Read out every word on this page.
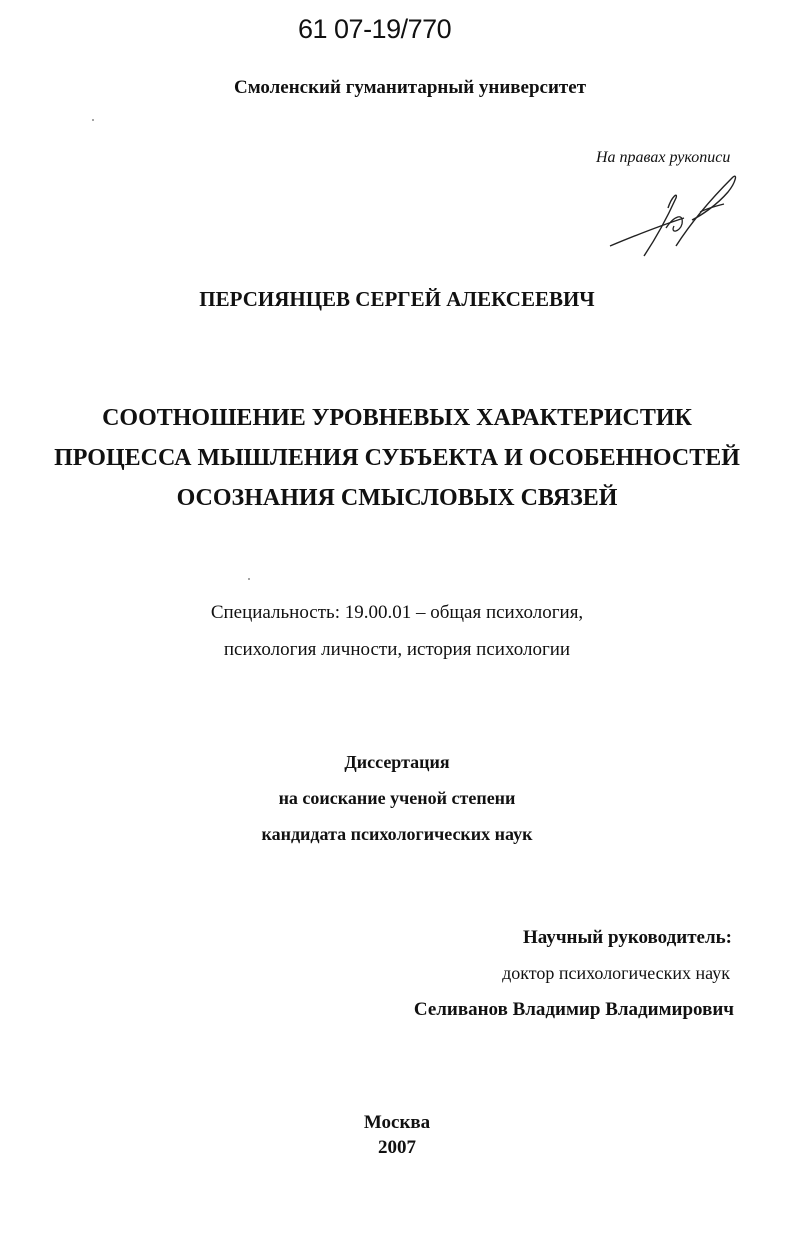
61 07-19/770
Смоленский гуманитарный университет
На правах рукописи
ПЕРСИЯНЦЕВ СЕРГЕЙ АЛЕКСЕЕВИЧ
СООТНОШЕНИЕ УРОВНЕВЫХ ХАРАКТЕРИСТИК
ПРОЦЕССА МЫШЛЕНИЯ СУБЪЕКТА И ОСОБЕННОСТЕЙ
ОСОЗНАНИЯ СМЫСЛОВЫХ СВЯЗЕЙ
Специальность: 19.00.01 – общая психология,
психология личности, история психологии
Диссертация
на соискание ученой степени
кандидата психологических наук
Научный руководитель:
доктор психологических наук
Селиванов Владимир Владимирович
Москва
2007
